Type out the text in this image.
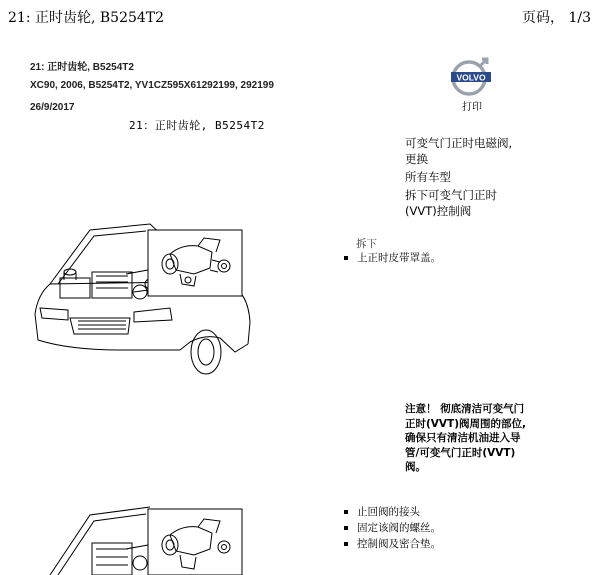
21: 正时齿轮, B5254T2	页码， 1/3
21: 正时齿轮, B5254T2
XC90, 2006, B5254T2, YV1CZ595X61292199, 292199
26/9/2017
21：正时齿轮, B5254T2
VOLVO
打印
可变气门正时电磁阀, 更换
所有车型
拆下可变气门正时(VVT)控制阀
拆下
上正时皮带罩盖。
注意！ 彻底清洁可变气门正时(VVT)阀周围的部位, 确保只有清洁机油进入导管/可变气门正时(VVT)阀。
止回阀的接头
固定该阀的螺丝。
控制阀及密合垫。
